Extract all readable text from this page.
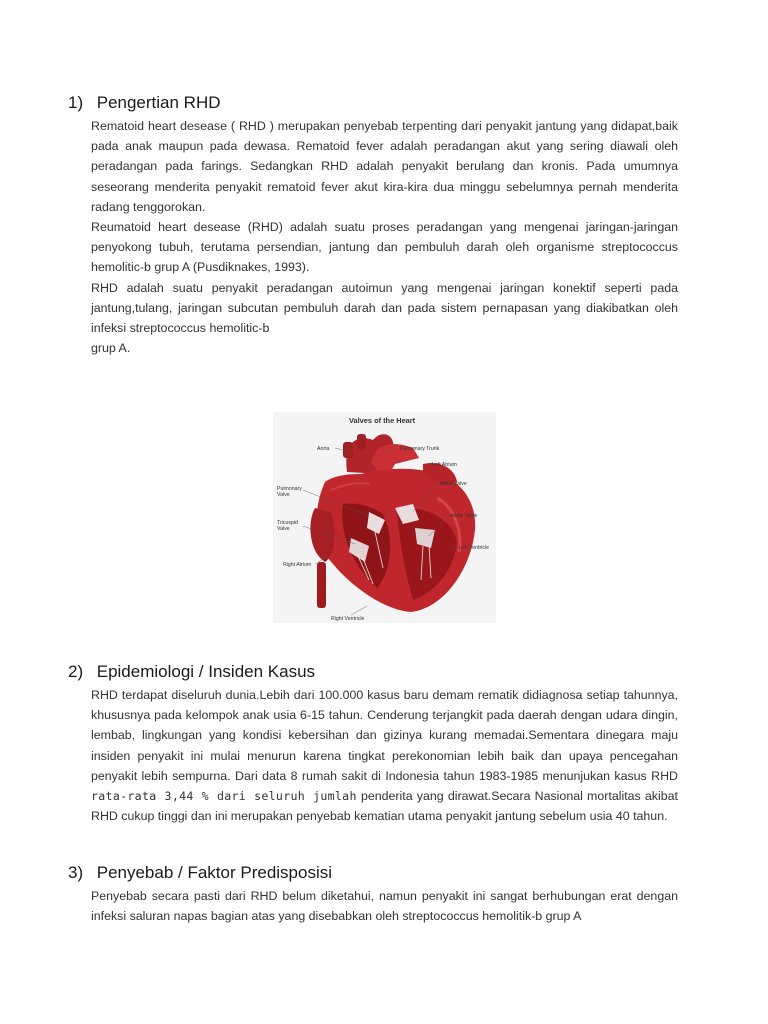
1) Pengertian RHD

Rematoid heart desease ( RHD ) merupakan penyebab terpenting dari penyakit jantung yang didapat,baik pada anak maupun pada dewasa. Rematoid fever adalah peradangan akut yang sering diawali oleh peradangan pada farings. Sedangkan RHD adalah penyakit berulang dan kronis. Pada umumnya seseorang menderita penyakit rematoid fever akut kira-kira dua minggu sebelumnya pernah menderita radang tenggorokan.

Reumatoid heart desease (RHD) adalah suatu proses peradangan yang mengenai jaringan-jaringan penyokong tubuh, terutama persendian, jantung dan pembuluh darah oleh organisme streptococcus hemolitic-b grup A (Pusdiknakes, 1993).

RHD adalah suatu penyakit peradangan autoimun yang mengenai jaringan konektif seperti pada jantung,tulang, jaringan subcutan pembuluh darah dan pada sistem pernapasan yang diakibatkan oleh infeksi streptococcus hemolitic-b

grup A.

Valves of the Heart
Aorta	Pulmonary Trunk
Left Atrium
Mitral Valve
Pulmonary
Valve
Aortic Valve
Tricuspid
Valve
Left Ventricle
Right Atrium
Right Ventricle
2) Epidemiologi / Insiden Kasus

RHD terdapat diseluruh dunia.Lebih dari 100.000 kasus baru demam rematik didiagnosa setiap tahunnya, khususnya pada kelompok anak usia 6-15 tahun. Cenderung terjangkit pada daerah dengan udara dingin, lembab, lingkungan yang kondisi kebersihan dan gizinya kurang memadai.Sementara dinegara maju insiden penyakit ini mulai menurun karena tingkat perekonomian lebih baik dan upaya pencegahan penyakit lebih sempurna. Dari data 8 rumah sakit di Indonesia tahun 1983-1985 menunjukan kasus RHD rata-rata 3,44 % dari seluruh jumlah penderita yang dirawat.Secara Nasional mortalitas akibat RHD cukup tinggi dan ini merupakan penyebab kematian utama penyakit jantung sebelum usia 40 tahun.

3) Penyebab / Faktor Predisposisi

Penyebab secara pasti dari RHD belum diketahui, namun penyakit ini sangat berhubungan erat dengan infeksi saluran napas bagian atas yang disebabkan oleh streptococcus hemolitik-b grup A
